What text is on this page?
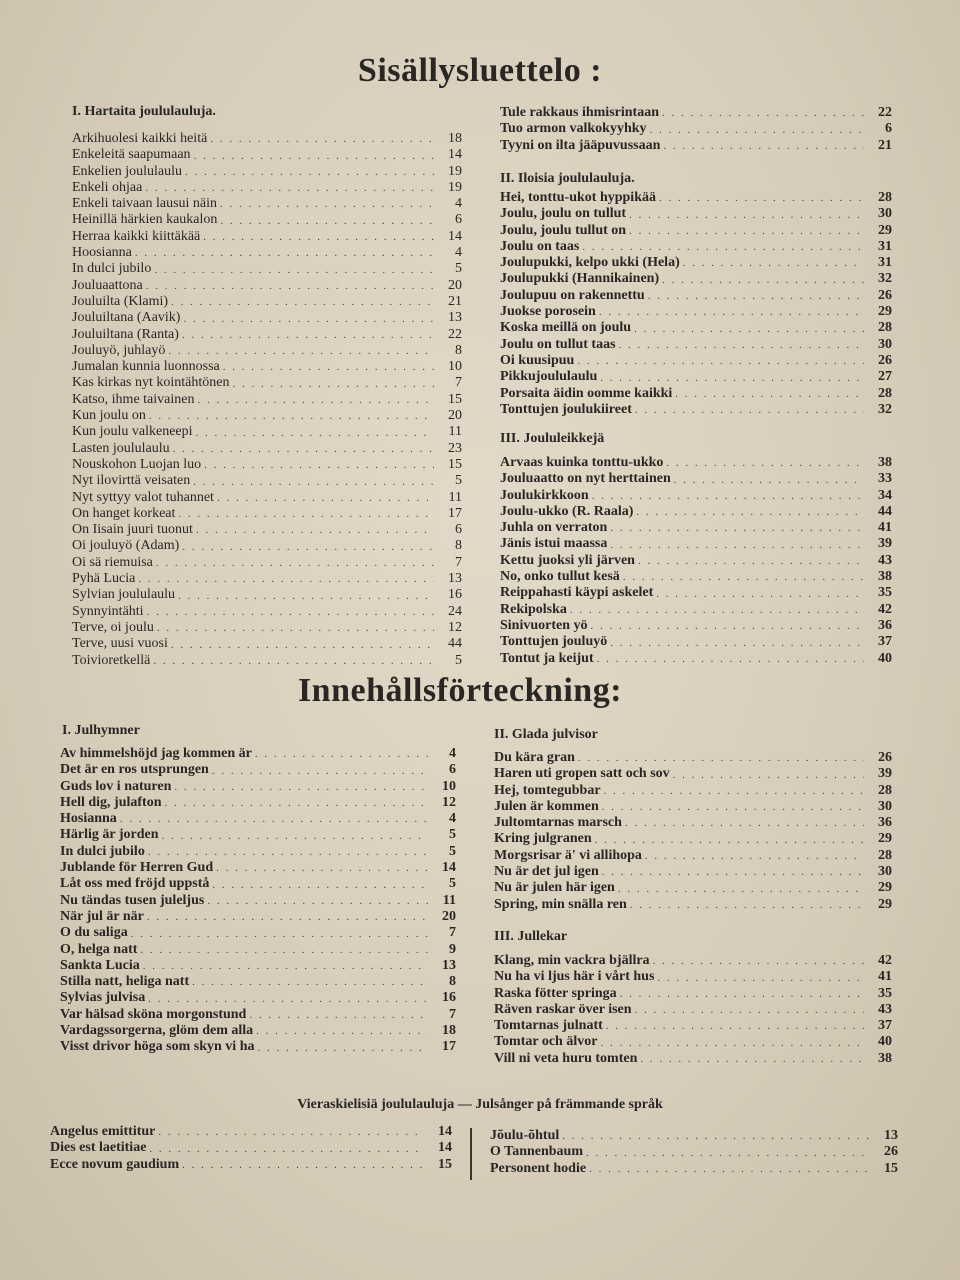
Sisällysluettelo :
I. Hartaita joululauluja.
Arkihuolesi kaikki heitä . . .	18
Enkeleitä saapumaan . . .	14
Enkelien joululaulu . . .	19
Enkeli ohjaa . . .	19
Enkeli taivaan lausui näin . . .	4
Heinillä härkien kaukalon . . .	6
Herraa kaikki kiittäkää . . .	14
Hoosianna . . .	4
In dulci jubilo . . .	5
Jouluaattona . . .	20
Jouluilta (Klami) . . .	21
Jouluiltana (Aavik) . . .	13
Jouluiltana (Ranta) . . .	22
Jouluyö, juhlayö . . .	8
Jumalan kunnia luonnossa . . .	10
Kas kirkas nyt kointähtönen . . .	7
Katso, ihme taivainen . . .	15
Kun joulu on . . .	20
Kun joulu valkeneepi . . .	11
Lasten joululaulu . . .	23
Nouskohon Luojan luo . . .	15
Nyt ilovirttä veisaten . . .	5
Nyt syttyy valot tuhannet . . .	11
On hanget korkeat . . .	17
On Iisain juuri tuonut . . .	6
Oi jouluyö (Adam) . . .	8
Oi sä riemuisa . . .	7
Pyhä Lucia . . .	13
Sylvian joululaulu . . .	16
Synnyintähti . . .	24
Terve, oi joulu . . .	12
Terve, uusi vuosi . . .	44
Toivioretkellä . . .	5
Tule rakkaus ihmisrintaan . . .	22
Tuo armon valkokyyhky . . .	6
Tyyni on ilta jääpuvussaan . . .	21
II. Iloisia joululauluja.
Hei, tonttu-ukot hyppikää . . .	28
Joulu, joulu on tullut . . .	30
Joulu, joulu tullut on . . .	29
Joulu on taas . . .	31
Joulupukki, kelpo ukki (Hela) . . .	31
Joulupukki (Hannikainen) . . .	32
Joulupuu on rakennettu . . .	26
Juokse porosein . . .	29
Koska meillä on joulu . . .	28
Joulu on tullut taas . . .	30
Oi kuusipuu . . .	26
Pikkujoululaulu . . .	27
Porsaita äidin oomme kaikki . . .	28
Tonttujen joulukiireet . . .	32
III. Joululeikkejä
Arvaas kuinka tonttu-ukko . . .	38
Jouluaatto on nyt herttainen . . .	33
Joulukirkkoon . . .	34
Joulu-ukko (R. Raala) . . .	44
Juhla on verraton . . .	41
Jänis istui maassa . . .	39
Kettu juoksi yli järven . . .	43
No, onko tullut kesä . . .	38
Reippahasti käypi askelet . . .	35
Rekipolska . . .	42
Sinivuorten yö . . .	36
Tonttujen jouluyö . . .	37
Tontut ja keijut . . .	40
Innehållsförteckning:
I. Julhymner
Av himmelshöjd jag kommen är . . .	4
Det är en ros utsprungen . . .	6
Guds lov i naturen . . .	10
Hell dig, julafton . . .	12
Hosianna . . .	4
Härlig är jorden . . .	5
In dulci jubilo . . .	5
Jublande för Herren Gud . . .	14
Låt oss med fröjd uppstå . . .	5
Nu tändas tusen juleljus . . .	11
När jul är när . . .	20
O du saliga . . .	7
O, helga natt . . .	9
Sankta Lucia . . .	13
Stilla natt, heliga natt . . .	8
Sylvias julvisa . . .	16
Var hälsad sköna morgonstund . . .	7
Vardagssorgerna, glöm dem alla . . .	18
Visst drivor höga som skyn vi ha . . .	17
II. Glada julvisor
Du kära gran . . .	26
Haren uti gropen satt och sov . . .	39
Hej, tomtegubbar . . .	28
Julen är kommen . . .	30
Jultomtarnas marsch . . .	36
Kring julgranen . . .	29
Morgsrisar ä' vi allihopa . . .	28
Nu är det jul igen . . .	30
Nu är julen här igen . . .	29
Spring, min snälla ren . . .	29
III. Jullekar
Klang, min vackra bjällra . . .	42
Nu ha vi ljus här i vårt hus . . .	41
Raska fötter springa . . .	35
Räven raskar över isen . . .	43
Tomtarnas julnatt . . .	37
Tomtar och älvor . . .	40
Vill ni veta huru tomten . . .	38
Vieraskielisiä joululauluja — Julsånger på främmande språk
Angelus emittitur . . .	14
Dies est laetitiae . . .	14
Ecce novum gaudium . . .	15
Jõulu-õhtul . . .	13
O Tannenbaum . . .	26
Personent hodie . . .	15
